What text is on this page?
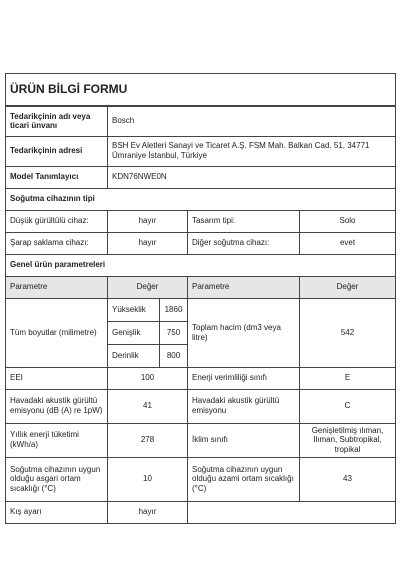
ÜRÜN BİLGİ FORMU				
Tedarikçinin adı veya ticari ünvanı	Bosch			
Tedarikçinin adresi	BSH Ev Aletleri Sanayi ve Ticaret A.Ş. FSM Mah. Balkan Cad. 51, 34771 Ümraniye İstanbul, Türkiye			
Model Tanımlayıcı	KDN76NWE0N			
Soğutma cihazının tipi				
Düşük gürültülü cihaz:	hayır		Tasarım tipi:	Solo
Şarap saklama cihazı:	hayır		Diğer soğutma cihazı:	evet
Genel ürün parametreleri				
Parametre	Değer		Parametre	Değer
Tüm boyutlar (milimetre)	Yükseklik	1860	Toplam hacim (dm3 veya litre)	542
	Genişlik	750		
	Derinlik	800		
EEI	100		Enerji verimliliği sınıfı	E
Havadaki akustik gürültü emisyonu (dB (A) re 1pW)	41		Havadaki akustik gürültü emisyonu	C
Yıllık enerji tüketimi (kWh/a)	278		İklim sınıfı	Genişletilmiş ılıman, Ilıman, Subtropikal, tropikal
Soğutma cihazının uygun olduğu asgari ortam sıcaklığı (°C)	10		Soğutma cihazının uygun olduğu azami ortam sıcaklığı (°C)	43
Kış ayarı	hayır			
